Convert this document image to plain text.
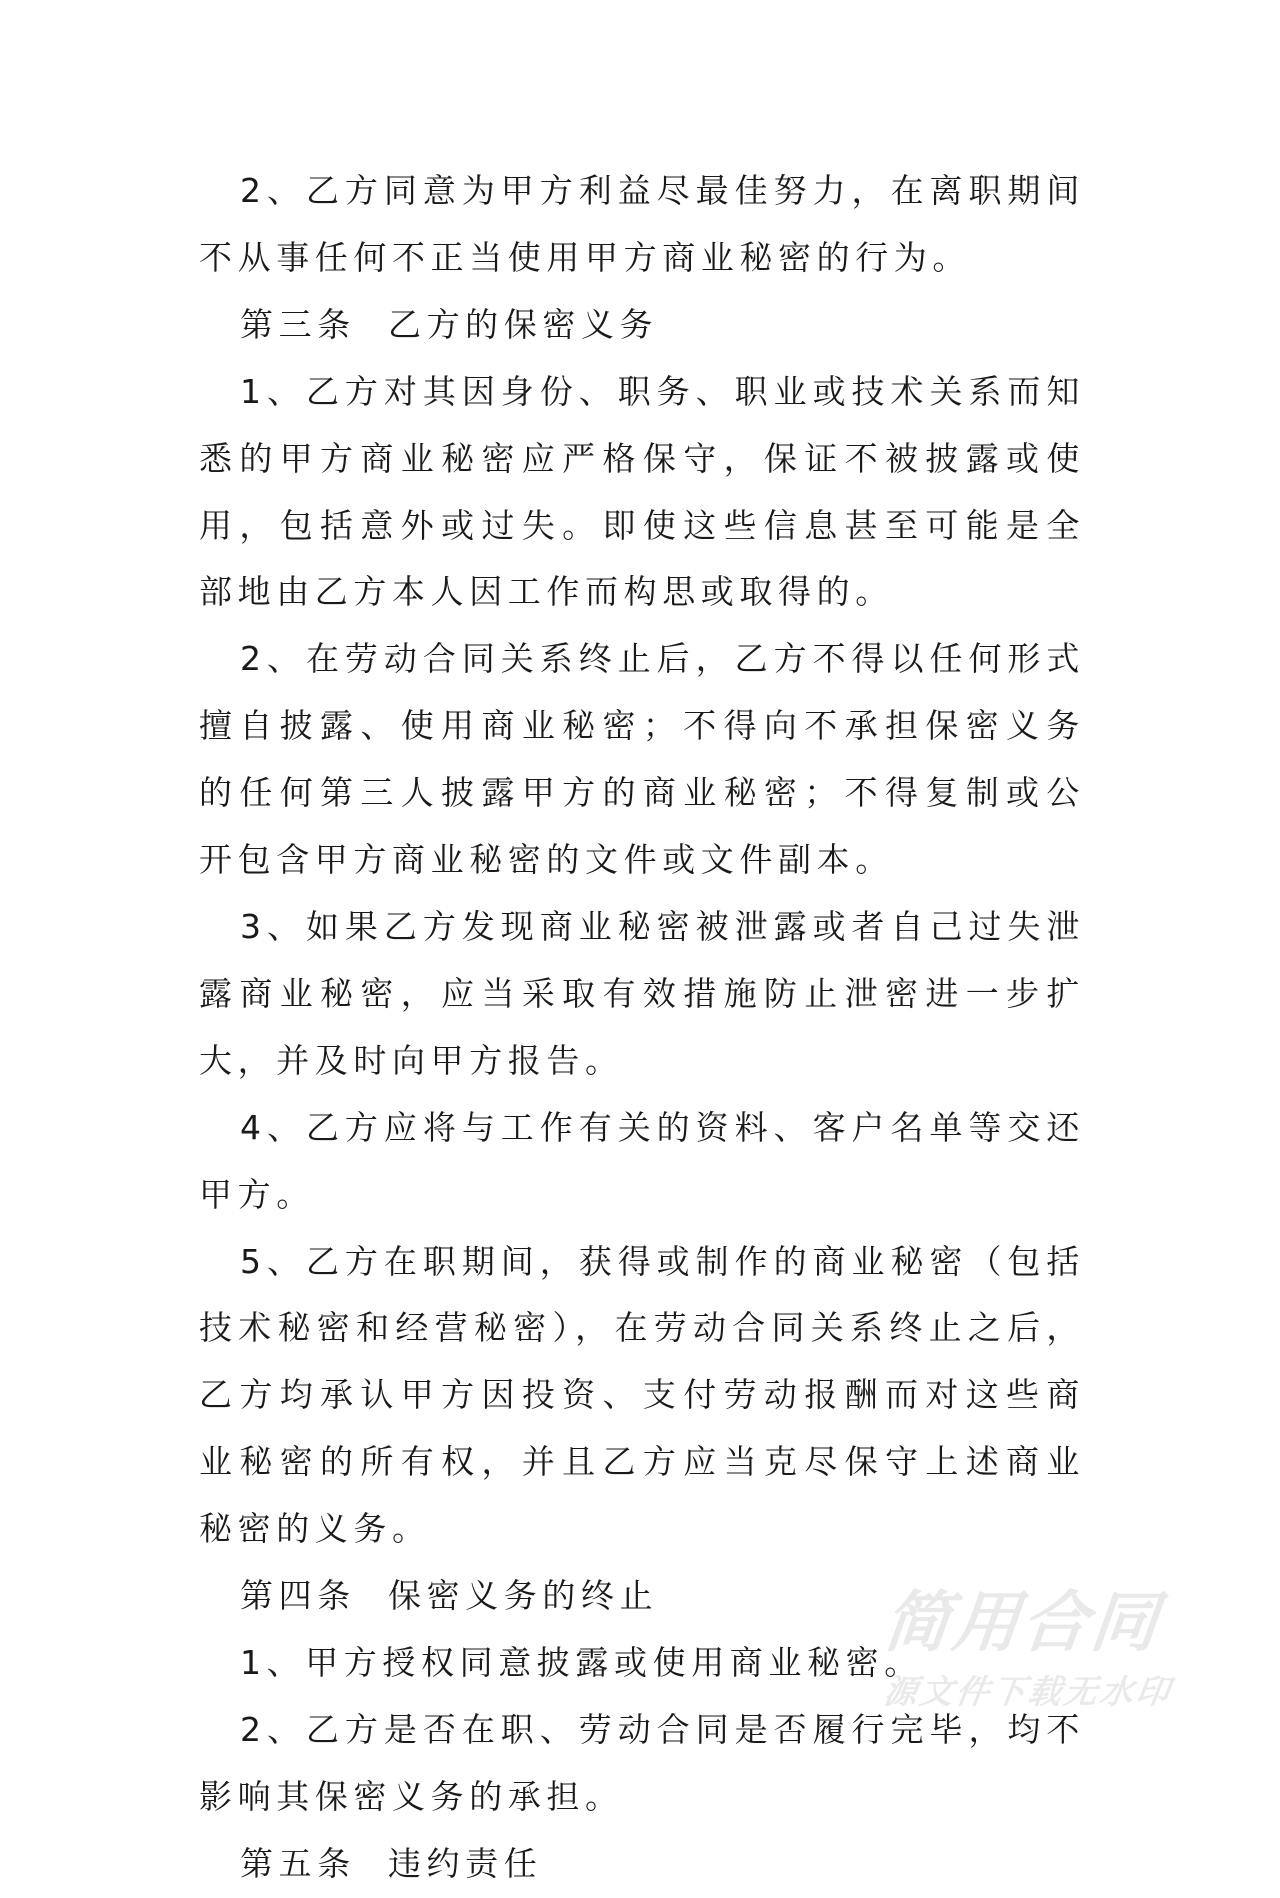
2、乙方同意为甲方利益尽最佳努力，在离职期间不从事任何不正当使用甲方商业秘密的行为。

第三条  乙方的保密义务

1、乙方对其因身份、职务、职业或技术关系而知悉的甲方商业秘密应严格保守，保证不被披露或使用，包括意外或过失。即使这些信息甚至可能是全部地由乙方本人因工作而构思或取得的。

2、在劳动合同关系终止后，乙方不得以任何形式擅自披露、使用商业秘密；不得向不承担保密义务的任何第三人披露甲方的商业秘密；不得复制或公开包含甲方商业秘密的文件或文件副本。

3、如果乙方发现商业秘密被泄露或者自己过失泄露商业秘密，应当采取有效措施防止泄密进一步扩大，并及时向甲方报告。

4、乙方应将与工作有关的资料、客户名单等交还甲方。

5、乙方在职期间，获得或制作的商业秘密（包括技术秘密和经营秘密），在劳动合同关系终止之后，乙方均承认甲方因投资、支付劳动报酬而对这些商业秘密的所有权，并且乙方应当克尽保守上述商业秘密的义务。

第四条  保密义务的终止

1、甲方授权同意披露或使用商业秘密。

2、乙方是否在职、劳动合同是否履行完毕，均不影响其保密义务的承担。

第五条  违约责任

简用合同
源文件下载无水印
